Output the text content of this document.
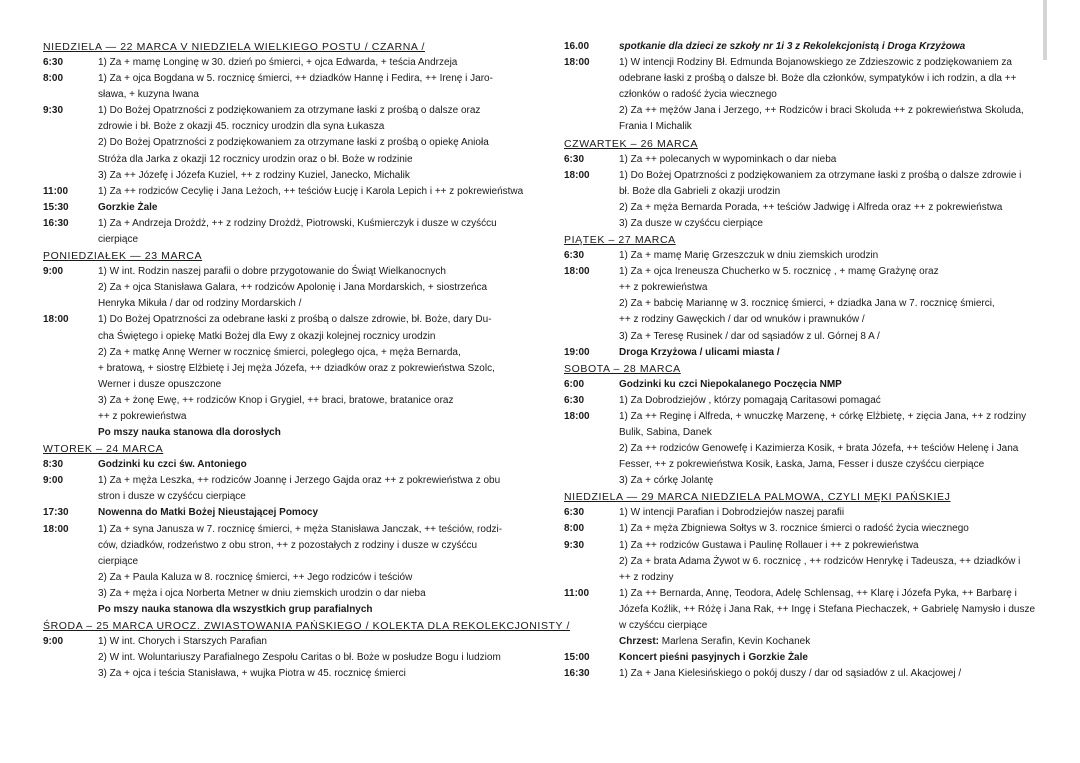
NIEDZIELA — 22 MARCA V NIEDZIELA WIELKIEGO POSTU / CZARNA /
6:30	1) Za + mamę Longinę w 30. dzień po śmierci, + ojca Edwarda, + teścia Andrzeja
8:00	1) Za + ojca Bogdana w 5. rocznicę śmierci, ++ dziadków Hannę i Fedira, ++ Irenę i Jaro-
sława, + kuzyna Iwana
9:30	1) Do Bożej Opatrzności z podziękowaniem za otrzymane łaski z prośbą o dalsze oraz
zdrowie i bł. Boże z okazji 45. rocznicy urodzin dla syna Łukasza
2) Do Bożej Opatrzności z podziękowaniem za otrzymane łaski z prośbą o opiekę Anioła
Stróża dla Jarka z okazji 12 rocznicy urodzin oraz o bł. Boże w rodzinie
3) Za ++ Józefę i Józefa Kuziel, ++ z rodziny Kuziel, Janecko, Michalik
11:00	1) Za ++ rodziców Cecylię i Jana Leżoch, ++ teściów Łucję i Karola Lepich i ++ z pokrewieństwa
15:30	Gorzkie Żale
16:30	1) Za + Andrzeja Drożdż, ++ z rodziny Drożdż, Piotrowski, Kuśmierczyk i dusze w czyśćcu
cierpiące
PONIEDZIAŁEK — 23 MARCA
9:00	1) W int. Rodzin naszej parafii o dobre przygotowanie do Świąt Wielkanocnych
2) Za + ojca Stanisława Galara, ++ rodziców Apolonię i Jana Mordarskich, + siostrzeńca
Henryka Mikuła / dar od rodziny Mordarskich /
18:00	1) Do Bożej Opatrzności za odebrane łaski z prośbą o dalsze zdrowie, bł. Boże, dary Du-
cha Świętego i opiekę Matki Bożej dla Ewy z okazji kolejnej rocznicy urodzin
2) Za + matkę Annę Werner w rocznicę śmierci, poległego ojca, + męża Bernarda,
+ bratową, + siostrę Elżbietę i Jej męża Józefa, ++ dziadków oraz z pokrewieństwa Szolc,
Werner i dusze opuszczone
3) Za + żonę Ewę, ++ rodziców Knop i Grygiel, ++ braci, bratowe, bratanice oraz
++ z pokrewieństwa
Po mszy nauka stanowa dla dorosłych
WTOREK – 24 MARCA
8:30	Godzinki ku czci św. Antoniego
9:00	1) Za + męża Leszka, ++ rodziców Joannę i Jerzego Gajda oraz ++ z pokrewieństwa z obu
stron i dusze w czyśćcu cierpiące
17:30	Nowenna do Matki Bożej Nieustającej Pomocy
18:00	1) Za + syna Janusza w 7. rocznicę śmierci, + męża Stanisława Janczak, ++ teściów, rodzi-
ców, dziadków, rodzeństwo z obu stron, ++ z pozostałych z rodziny i dusze w czyśćcu
cierpiące
2) Za + Paula Kaluza w 8. rocznicę śmierci, ++ Jego rodziców i teściów
3) Za + męża i ojca Norberta Metner w dniu ziemskich urodzin o dar nieba
Po mszy nauka stanowa dla wszystkich grup parafialnych
ŚRODA – 25 MARCA UROCZ. ZWIASTOWANIA PAŃSKIEGO / KOLEKTA DLA REKOLEKCJONISTY /
9:00	1) W int. Chorych i Starszych Parafian
2) W int. Woluntariuszy Parafialnego Zespołu Caritas o bł. Boże w posłudze Bogu i ludziom
3) Za + ojca i teścia Stanisława, + wujka Piotra w 45. rocznicę śmierci
16.00	spotkanie dla dzieci ze szkoły nr 1i 3 z Rekolekcjonistą i Droga Krzyżowa
18:00	1) W intencji Rodziny Bł. Edmunda Bojanowskiego ze Zdzieszowic z podziękowaniem za
odebrane łaski z prośbą o dalsze bł. Boże dla członków, sympatyków i ich rodzin, a dla ++
członków o radość życia wiecznego
2) Za ++ mężów Jana i Jerzego, ++ Rodziców i braci Skoluda ++ z pokrewieństwa Skoluda,
Frania I Michalik
CZWARTEK – 26 MARCA
6:30	1) Za ++ polecanych w wypominkach o dar nieba
18:00	1) Do Bożej Opatrzności z podziękowaniem za otrzymane łaski z prośbą o dalsze zdrowie i
bł. Boże dla Gabrieli z okazji urodzin
2) Za + męża Bernarda Porada, ++ teściów Jadwigę i Alfreda oraz ++ z pokrewieństwa
3) Za dusze w czyśćcu cierpiące
PIĄTEK – 27 MARCA
6:30	1) Za + mamę Marię Grzeszczuk w dniu ziemskich urodzin
18:00	1) Za + ojca Ireneusza Chucherko w 5. rocznicę , + mamę Grażynę oraz
++ z pokrewieństwa
2) Za + babcię Mariannę w 3. rocznicę śmierci, + dziadka Jana w 7. rocznicę śmierci,
++ z rodziny Gawęckich / dar od wnuków i prawnuków /
3) Za + Teresę Rusinek / dar od sąsiadów z ul. Górnej 8 A /
19:00	Droga Krzyżowa / ulicami miasta /
SOBOTA – 28 MARCA
6:00	Godzinki ku czci Niepokalanego Poczęcia NMP
6:30	1) Za Dobrodziejów , którzy pomagają Caritasowi pomagać
18:00	1) Za ++ Reginę i Alfreda, + wnuczkę Marzenę, + córkę Elżbietę, + zięcia Jana, ++ z rodziny
Bulik, Sabina, Danek
2) Za ++ rodziców Genowefę i Kazimierza Kosik, + brata Józefa, ++ teściów Helenę i Jana
Fesser, ++ z pokrewieństwa Kosik, Łaska, Jama, Fesser i dusze czyśćcu cierpiące
3) Za + córkę Jolantę
NIEDZIELA — 29 MARCA NIEDZIELA PALMOWA, CZYLI MĘKI PAŃSKIEJ
6:30	1) W intencji Parafian i Dobrodziejów naszej parafii
8:00	1) Za + męża Zbigniewa Sołtys w 3. rocznice śmierci o radość życia wiecznego
9:30	1) Za ++ rodziców Gustawa i Paulinę Rollauer i ++ z pokrewieństwa
2) Za + brata Adama Żywot w 6. rocznicę , ++ rodziców Henrykę i Tadeusza, ++ dziadków i
++ z rodziny
11:00	1) Za ++ Bernarda, Annę, Teodora, Adelę Schlensag, ++ Klarę i Józefa Pyka, ++ Barbarę i
Józefa Koźlik, ++ Różę i Jana Rak, ++ Ingę i Stefana Piechaczek, + Gabrielę Namysło i dusze
w czyśćcu cierpiące
Chrzest: Marlena Serafin, Kevin Kochanek
15:00	Koncert pieśni pasyjnych i Gorzkie Żale
16:30	1) Za + Jana Kielesińskiego o pokój duszy / dar od sąsiadów z ul. Akacjowej /
